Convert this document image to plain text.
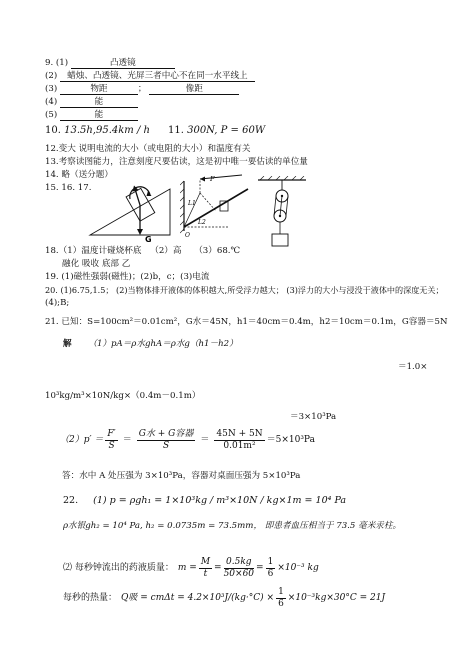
9. (1)	凸透镜
(2) 蜡烛、凸透镜、光屏三者中心不在同一水平线上
(3)	物距	；	像距
(4)	能
(5)	能
10. 13.5h,95.4km / h 11. 300N, P = 60W
12.变大 说明电流的大小（或电阻的大小）和温度有关
13.考察读图能力，注意刻度尺要估读，这是初中唯一要估读的单位量
14. 略（送分题）
15. 16. 17.
G
F
L1
L2
O
18.（1）温度计碰烧杯底 （2）高 （3）68.℃
融化 吸收 底部 乙
19. (1)磁性强弱(磁性)；(2)b，c；(3)电流
20. (1)6.75,1.5； (2)当物体排开液体的体积越大,所受浮力越大； (3)浮力的大小与浸没于液体中的深度无关；
(4);B;
21. 已知：S=100cm²＝0.01cm²，G水＝45N，h1＝40cm＝0.4m，h2＝10cm＝0.1m，G容器＝5N
解 （1）pA＝ρ水ghA＝ρ水g（h1－h2）
＝1.0×
10³kg/m³×10N/kg×（0.4m－0.1m）
＝3×10³Pa
$(2)p' = \frac{F'}{S} = \frac{\text{G水 + G容器}}{S} = \frac{45N + 5N}{\text{0.01m²}} =5\times 10^3Pa$
答：水中 A 处压强为 3×10³Pa，容器对桌面压强为 5×10³Pa
22. (1) p = ρgh₁ = 1×10³kg / m³×10N / kg×1m = 10⁴ Pa
ρ水银gh₂ = 10⁴ Pa, h₂ = 0.0735m = 73.5mm， 即患者血压相当于 73.5 毫米汞柱。
⑵ 每秒钟流出的药液质量： $m = \frac{M}{t} = \frac{0.5kg}{50\times 60} = \frac{1}{6} \times 10^{-3}$ kg
每秒的热量： Q吸 = $cm\Delta t = 4.2\times 10^3J/(kg\cdot^\circ C) \times \frac{1}{6} \times 10^{-3}kg\times 30^\circ C = 21J$
